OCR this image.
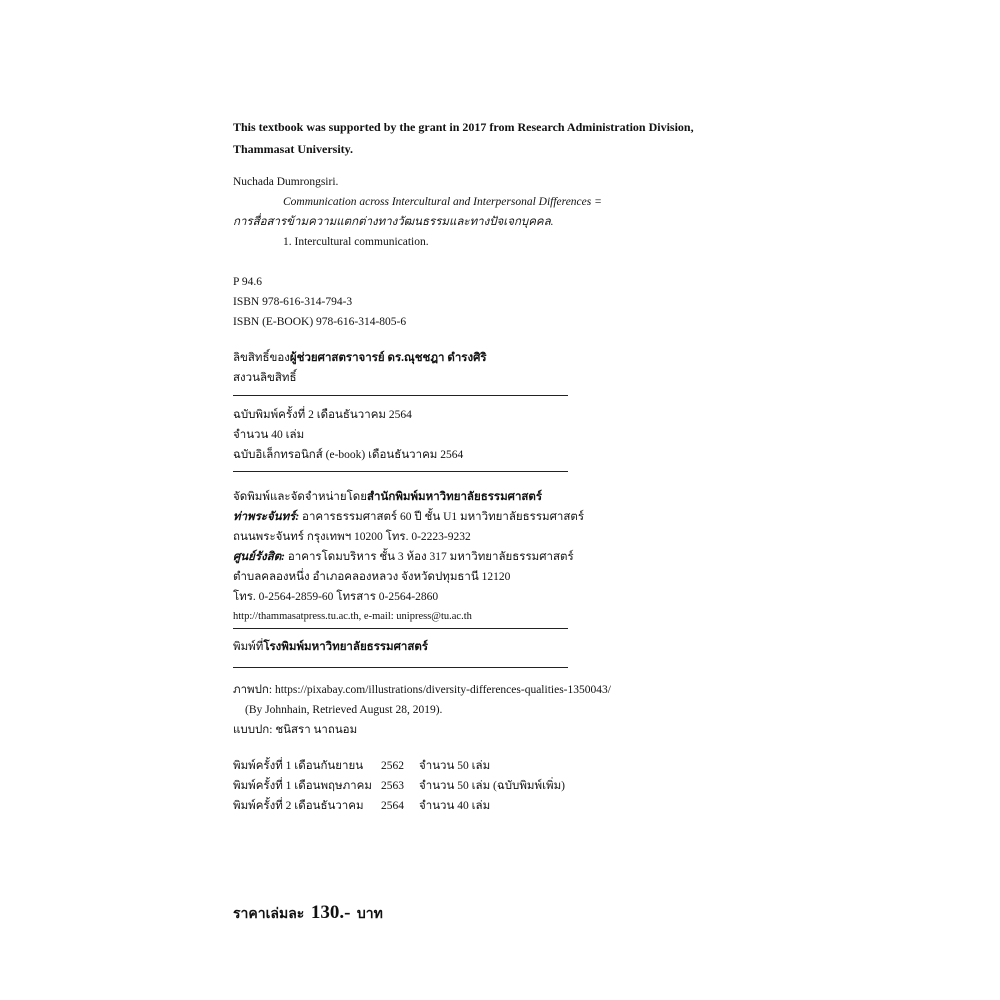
This textbook was supported by the grant in 2017 from Research Administration Division,
Thammasat University.
Nuchada Dumrongsiri.
Communication across Intercultural and Interpersonal Differences =
การสื่อสารข้ามความแตกต่างทางวัฒนธรรมและทางปัจเจกบุคคล.
1. Intercultural communication.
P 94.6
ISBN 978-616-314-794-3
ISBN (E-BOOK) 978-616-314-805-6
ลิขสิทธิ์ของผู้ช่วยศาสตราจารย์ ดร.ณุชชฎา ดำรงศิริ
สงวนลิขสิทธิ์
ฉบับพิมพ์ครั้งที่ 2 เดือนธันวาคม 2564
จำนวน 40 เล่ม
ฉบับอิเล็กทรอนิกส์ (e-book) เดือนธันวาคม 2564
จัดพิมพ์และจัดจำหน่ายโดยสำนักพิมพ์มหาวิทยาลัยธรรมศาสตร์
ท่าพระจันทร์: อาคารธรรมศาสตร์ 60 ปี ชั้น U1 มหาวิทยาลัยธรรมศาสตร์
ถนนพระจันทร์ กรุงเทพฯ 10200 โทร. 0-2223-9232
ศูนย์รังสิต: อาคารโดมบริหาร ชั้น 3 ห้อง 317 มหาวิทยาลัยธรรมศาสตร์
ตำบลคลองหนึ่ง อำเภอคลองหลวง จังหวัดปทุมธานี 12120
โทร. 0-2564-2859-60 โทรสาร 0-2564-2860
http://thammasatpress.tu.ac.th, e-mail: unipress@tu.ac.th
พิมพ์ที่โรงพิมพ์มหาวิทยาลัยธรรมศาสตร์
ภาพปก: https://pixabay.com/illustrations/diversity-differences-qualities-1350043/
(By Johnhain, Retrieved August 28, 2019).
แบบปก: ชนิสรา นาถนอม
พิมพ์ครั้งที่ 1 เดือนกันยายน	2562	จำนวน 50 เล่ม
พิมพ์ครั้งที่ 1 เดือนพฤษภาคม 2563	จำนวน 50 เล่ม (ฉบับพิมพ์เพิ่ม)
พิมพ์ครั้งที่ 2 เดือนธันวาคม	2564	จำนวน 40 เล่ม
ราคาเล่มละ 130.- บาท
